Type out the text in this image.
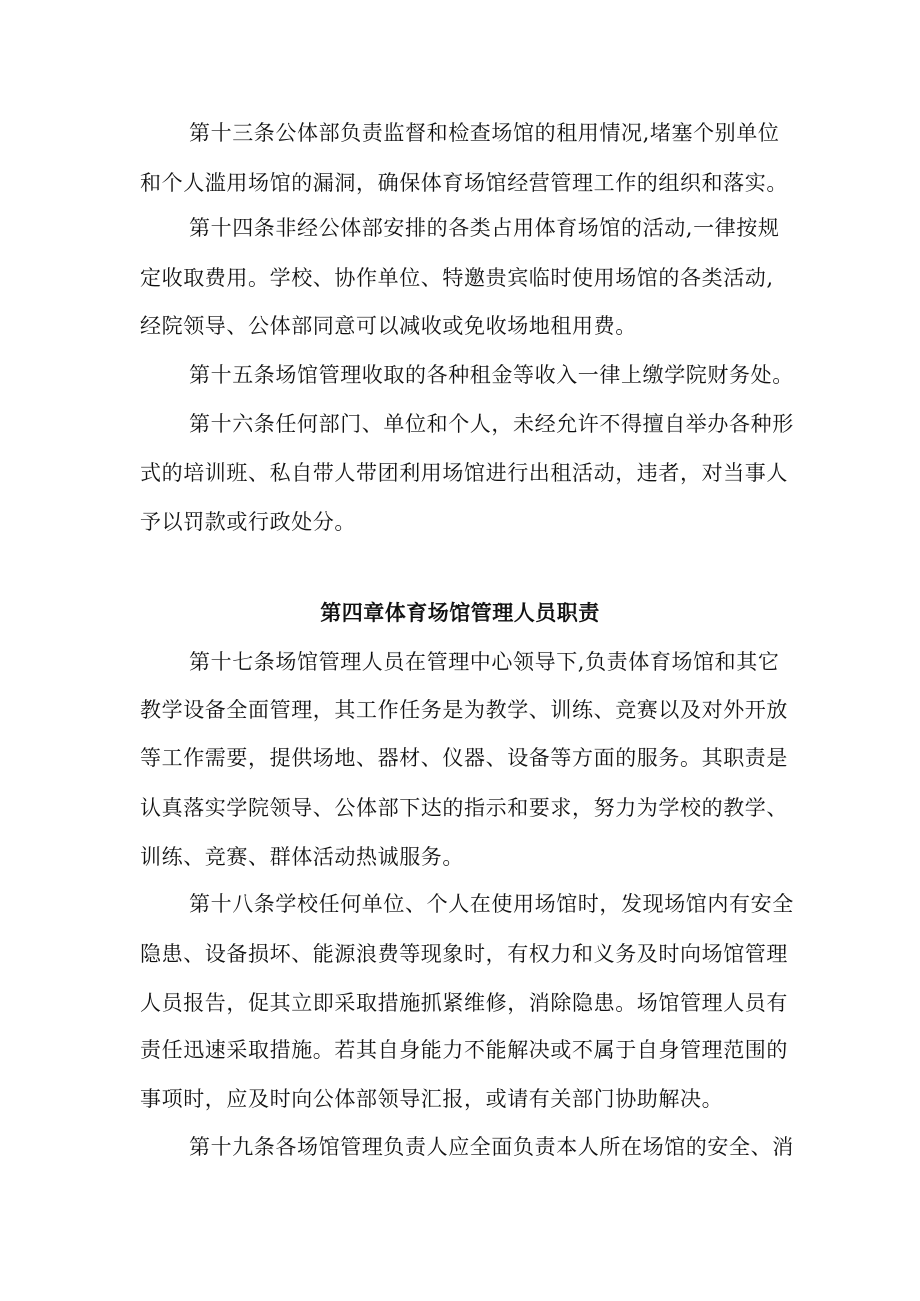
第十三条公体部负责监督和检查场馆的租用情况,堵塞个别单位
和个人滥用场馆的漏洞，确保体育场馆经营管理工作的组织和落实。
第十四条非经公体部安排的各类占用体育场馆的活动,一律按规
定收取费用。学校、协作单位、特邀贵宾临时使用场馆的各类活动,
经院领导、公体部同意可以减收或免收场地租用费。
第十五条场馆管理收取的各种租金等收入一律上缴学院财务处。
第十六条任何部门、单位和个人，未经允许不得擅自举办各种形
式的培训班、私自带人带团利用场馆进行出租活动，违者，对当事人
予以罚款或行政处分。
第四章体育场馆管理人员职责
第十七条场馆管理人员在管理中心领导下,负责体育场馆和其它
教学设备全面管理，其工作任务是为教学、训练、竞赛以及对外开放
等工作需要，提供场地、器材、仪器、设备等方面的服务。其职责是
认真落实学院领导、公体部下达的指示和要求，努力为学校的教学、
训练、竞赛、群体活动热诚服务。
第十八条学校任何单位、个人在使用场馆时，发现场馆内有安全
隐患、设备损坏、能源浪费等现象时，有权力和义务及时向场馆管理
人员报告，促其立即采取措施抓紧维修，消除隐患。场馆管理人员有
责任迅速采取措施。若其自身能力不能解决或不属于自身管理范围的
事项时，应及时向公体部领导汇报，或请有关部门协助解决。
第十九条各场馆管理负责人应全面负责本人所在场馆的安全、消
